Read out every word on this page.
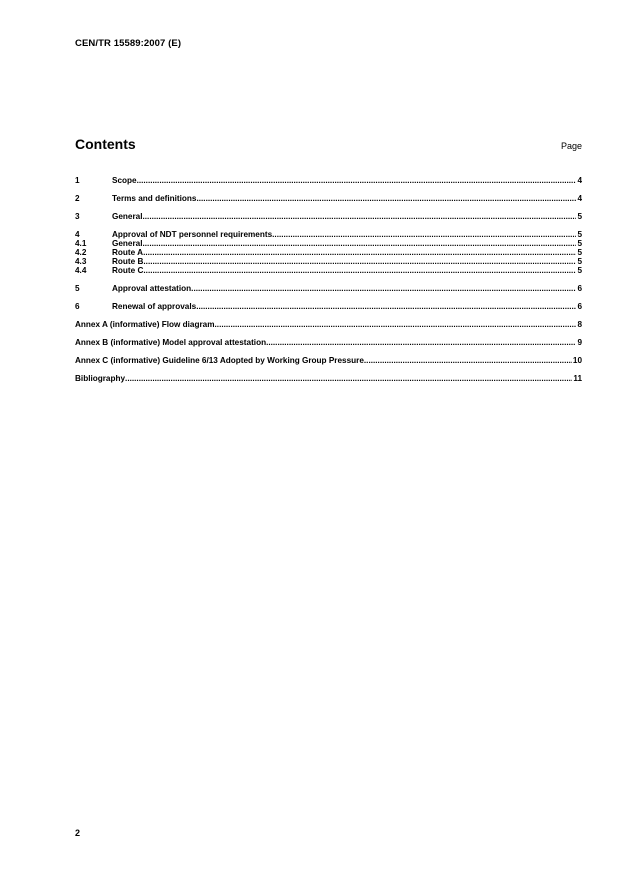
CEN/TR 15589:2007 (E)
Contents	Page
1	Scope .....	4
2	Terms and definitions .....	4
3	General .....	5
4	Approval of NDT personnel requirements .....	5
4.1	General .....	5
4.2	Route A .....	5
4.3	Route B .....	5
4.4	Route C .....	5
5	Approval attestation .....	6
6	Renewal of approvals .....	6
Annex A (informative) Flow diagram .....	8
Annex B (informative) Model approval attestation .....	9
Annex C (informative) Guideline 6/13 Adopted by Working Group Pressure .....	10
Bibliography .....	11
2
